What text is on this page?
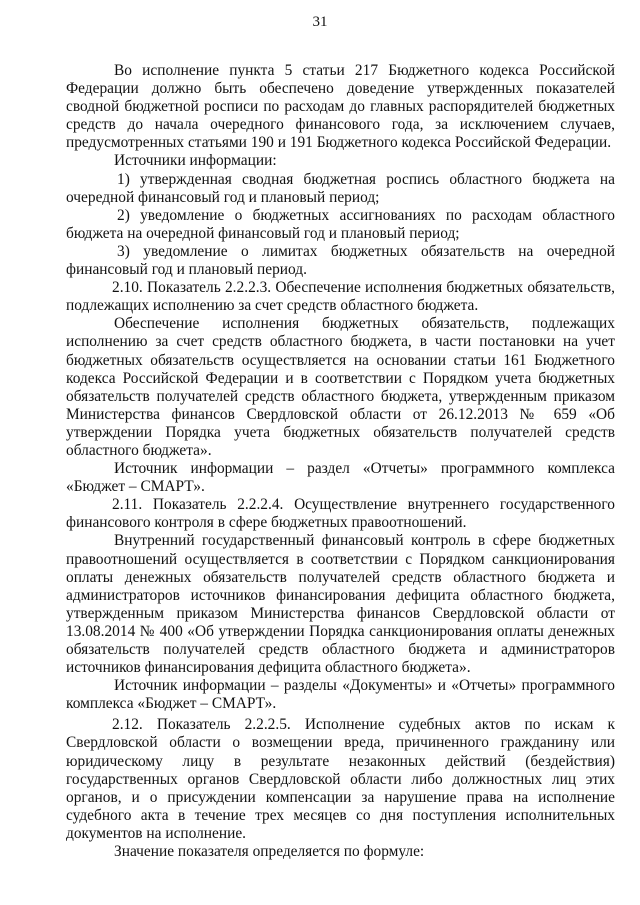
31

Во исполнение пункта 5 статьи 217 Бюджетного кодекса Российской Федерации должно быть обеспечено доведение утвержденных показателей сводной бюджетной росписи по расходам до главных распорядителей бюджетных средств до начала очередного финансового года, за исключением случаев, предусмотренных статьями 190 и 191 Бюджетного кодекса Российской Федерации.

Источники информации:

1) утвержденная сводная бюджетная роспись областного бюджета на очередной финансовый год и плановый период;

2) уведомление о бюджетных ассигнованиях по расходам областного бюджета на очередной финансовый год и плановый период;

3) уведомление о лимитах бюджетных обязательств на очередной финансовый год и плановый период.

2.10. Показатель 2.2.2.3. Обеспечение исполнения бюджетных обязательств, подлежащих исполнению за счет средств областного бюджета.

Обеспечение исполнения бюджетных обязательств, подлежащих исполнению за счет средств областного бюджета, в части постановки на учет бюджетных обязательств осуществляется на основании статьи 161 Бюджетного кодекса Российской Федерации и в соответствии с Порядком учета бюджетных обязательств получателей средств областного бюджета, утвержденным приказом Министерства финансов Свердловской области от 26.12.2013 № 659 «Об утверждении Порядка учета бюджетных обязательств получателей средств областного бюджета».

Источник информации – раздел «Отчеты» программного комплекса «Бюджет – СМАРТ».

2.11. Показатель 2.2.2.4. Осуществление внутреннего государственного финансового контроля в сфере бюджетных правоотношений.

Внутренний государственный финансовый контроль в сфере бюджетных правоотношений осуществляется в соответствии с Порядком санкционирования оплаты денежных обязательств получателей средств областного бюджета и администраторов источников финансирования дефицита областного бюджета, утвержденным приказом Министерства финансов Свердловской области от 13.08.2014 № 400 «Об утверждении Порядка санкционирования оплаты денежных обязательств получателей средств областного бюджета и администраторов источников финансирования дефицита областного бюджета».

Источник информации – разделы «Документы» и «Отчеты» программного комплекса «Бюджет – СМАРТ».

2.12. Показатель 2.2.2.5. Исполнение судебных актов по искам к Свердловской области о возмещении вреда, причиненного гражданину или юридическому лицу в результате незаконных действий (бездействия) государственных органов Свердловской области либо должностных лиц этих органов, и о присуждении компенсации за нарушение права на исполнение судебного акта в течение трех месяцев со дня поступления исполнительных документов на исполнение.

Значение показателя определяется по формуле:
